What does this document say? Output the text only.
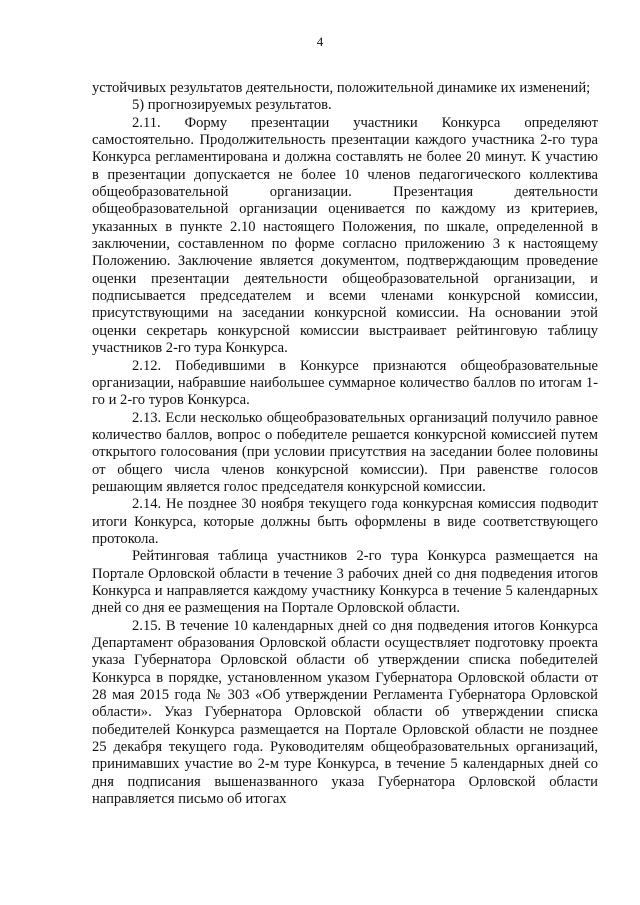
4

устойчивых результатов деятельности, положительной динамике их изменений;

5) прогнозируемых результатов.

2.11. Форму презентации участники Конкурса определяют самостоятельно. Продолжительность презентации каждого участника 2-го тура Конкурса регламентирована и должна составлять не более 20 минут. К участию в презентации допускается не более 10 членов педагогического коллектива общеобразовательной организации. Презентация деятельности общеобразовательной организации оценивается по каждому из критериев, указанных в пункте 2.10 настоящего Положения, по шкале, определенной в заключении, составленном по форме согласно приложению 3 к настоящему Положению. Заключение является документом, подтверждающим проведение оценки презентации деятельности общеобразовательной организации, и подписывается председателем и всеми членами конкурсной комиссии, присутствующими на заседании конкурсной комиссии. На основании этой оценки секретарь конкурсной комиссии выстраивает рейтинговую таблицу участников 2-го тура Конкурса.

2.12. Победившими в Конкурсе признаются общеобразовательные организации, набравшие наибольшее суммарное количество баллов по итогам 1-го и 2-го туров Конкурса.

2.13. Если несколько общеобразовательных организаций получило равное количество баллов, вопрос о победителе решается конкурсной комиссией путем открытого голосования (при условии присутствия на заседании более половины от общего числа членов конкурсной комиссии). При равенстве голосов решающим является голос председателя конкурсной комиссии.

2.14. Не позднее 30 ноября текущего года конкурсная комиссия подводит итоги Конкурса, которые должны быть оформлены в виде соответствующего протокола.

Рейтинговая таблица участников 2-го тура Конкурса размещается на Портале Орловской области в течение 3 рабочих дней со дня подведения итогов Конкурса и направляется каждому участнику Конкурса в течение 5 календарных дней со дня ее размещения на Портале Орловской области.

2.15. В течение 10 календарных дней со дня подведения итогов Конкурса Департамент образования Орловской области осуществляет подготовку проекта указа Губернатора Орловской области об утверждении списка победителей Конкурса в порядке, установленном указом Губернатора Орловской области от 28 мая 2015 года № 303 «Об утверждении Регламента Губернатора Орловской области». Указ Губернатора Орловской области об утверждении списка победителей Конкурса размещается на Портале Орловской области не позднее 25 декабря текущего года. Руководителям общеобразовательных организаций, принимавших участие во 2-м туре Конкурса, в течение 5 календарных дней со дня подписания вышеназванного указа Губернатора Орловской области направляется письмо об итогах
